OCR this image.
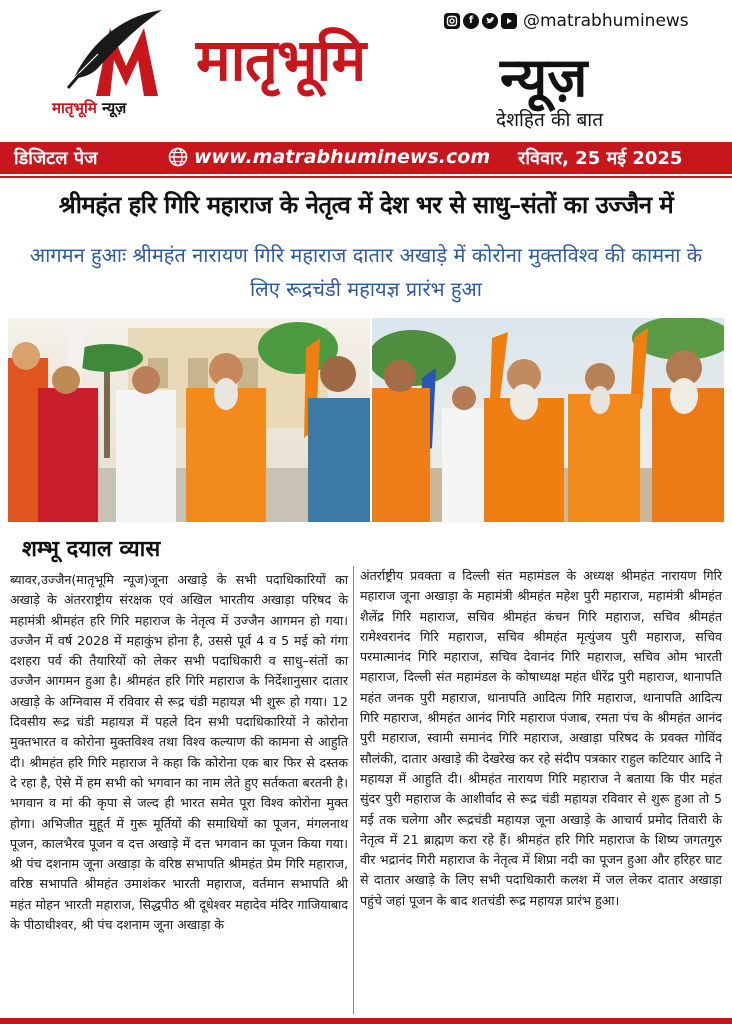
मातृभूमि न्यूज़
मातृभूमि न्यूज़
देशहित की बात
f	@matrabhuminews
डिजिटल पेज	www.matrabhuminews.com रविवार, 25 मई 2025
श्रीमहंत हरि गिरि महाराज के नेतृत्व में देश भर से साधु–संतों का उज्जैन में
आगमन हुआः श्रीमहंत नारायण गिरि महाराज दातार अखाड़े में कोरोना मुक्तविश्व की कामना के लिए रूद्रचंडी महायज्ञ प्रारंभ हुआ
शम्भू दयाल व्यास
ब्यावर,उज्जैन(मातृभूमि न्यूज)जूना अखाड़े के सभी पदाधिकारियों का अखाड़े के अंतरराष्ट्रीय संरक्षक एवं अखिल भारतीय अखाड़ा परिषद के महामंत्री श्रीमहंत हरि गिरि महाराज के नेतृत्व में उज्जैन आगमन हो गया।उज्जैन में वर्ष 2028 में महाकुंभ होना है, उससे पूर्व 4 व 5 मई को गंगा दशहरा पर्व की तैयारियों को लेकर सभी पदाधिकारी व साधु–संतों का उज्जैन आगमन हुआ है। श्रीमहंत हरि गिरि महाराज के निर्देशानुसार दातार अखाड़े के अग्निवास में रविवार से रूद्र चंडी महायज्ञ भी शुरू हो गया। 12 दिवसीय रूद्र चंडी महायज्ञ में पहले दिन सभी पदाधिकारियों ने कोरोना मुक्तभारत व कोरोना मुक्तविश्व तथा विश्व कल्याण की कामना से आहुति दी। श्रीमहंत हरि गिरि महाराज ने कहा कि कोरोना एक बार फिर से दस्तक दे रहा है, ऐसे में हम सभी को भगवान का नाम लेते हुए सर्तकता बरतनी है। भगवान व मां की कृपा से जल्द ही भारत समेत पूरा विश्व कोरोना मुक्त होगा। अभिजीत मुहूर्त में गुरू मूर्तियों की समाधियों का पूजन, मंगलनाथ पूजन, कालभैरव पूजन व दत्त अखाड़े में दत्त भगवान का पूजन किया गया। श्री पंच दशनाम जूना अखाड़ा के वरिष्ठ सभापति श्रीमहंत प्रेम गिरि महाराज, वरिष्ठ सभापति श्रीमहंत उमाशंकर भारती महाराज, वर्तमान सभापति श्री महंत मोहन भारती महाराज, सिद्धपीठ श्री दूधेश्वर महादेव मंदिर गाजियाबाद के पीठाधीश्वर, श्री पंच दशनाम जूना अखाड़ा के
अंतर्राष्ट्रीय प्रवक्ता व दिल्ली संत महामंडल के अध्यक्ष श्रीमहंत नारायण गिरि महाराज जूना अखाड़ा के महामंत्री श्रीमहंत महेश पुरी महाराज, महामंत्री श्रीमहंत शैलेंद्र गिरि महाराज, सचिव श्रीमहंत कंचन गिरि महाराज, सचिव श्रीमहंत रामेश्वरानंद गिरि महाराज, सचिव श्रीमहंत मृत्युंजय पुरी महाराज, सचिव परमात्मानंद गिरि महाराज, सचिव देवानंद गिरि महाराज, सचिव ओम भारती महाराज, दिल्ली संत महामंडल के कोषाध्यक्ष महंत धीरेंद्र पुरी महाराज, थानापति महंत जनक पुरी महाराज, थानापति आदित्य गिरि महाराज, थानापति आदित्य गिरि महाराज, श्रीमहंत आनंद गिरि महाराज पंजाब, रमता पंच के श्रीमहंत आनंद पुरी महाराज, स्वामी समानंद गिरि महाराज, अखाड़ा परिषद के प्रवक्त गोविंद सौलंकी, दातार अखाड़े की देखरेख कर रहे संदीप पत्रकार राहुल कटियार आदि ने महायज्ञ में आहुति दी। श्रीमहंत नारायण गिरि महाराज ने बताया कि पीर महंत सुंदर पुरी महाराज के आशीर्वाद से रूद्र चंडी महायज्ञ रविवार से शुरू हुआ तो 5 मई तक चलेगा और रूद्रचंडी महायज्ञ जूना अखाड़े के आचार्य प्रमोद तिवारी के नेतृत्व में 21 ब्राह्मण करा रहे हैं। श्रीमहंत हरि गिरि महाराज के शिष्य जगतगुरु वीर भद्रानंद गिरी महाराज के नेतृत्व में शिप्रा नदी का पूजन हुआ और हरिहर घाट से दातार अखाड़े के लिए सभी पदाधिकारी कलश में जल लेकर दातार अखाड़ा पहुंचे जहां पूजन के बाद शतचंडी रूद्र महायज्ञ प्रारंभ हुआ।
